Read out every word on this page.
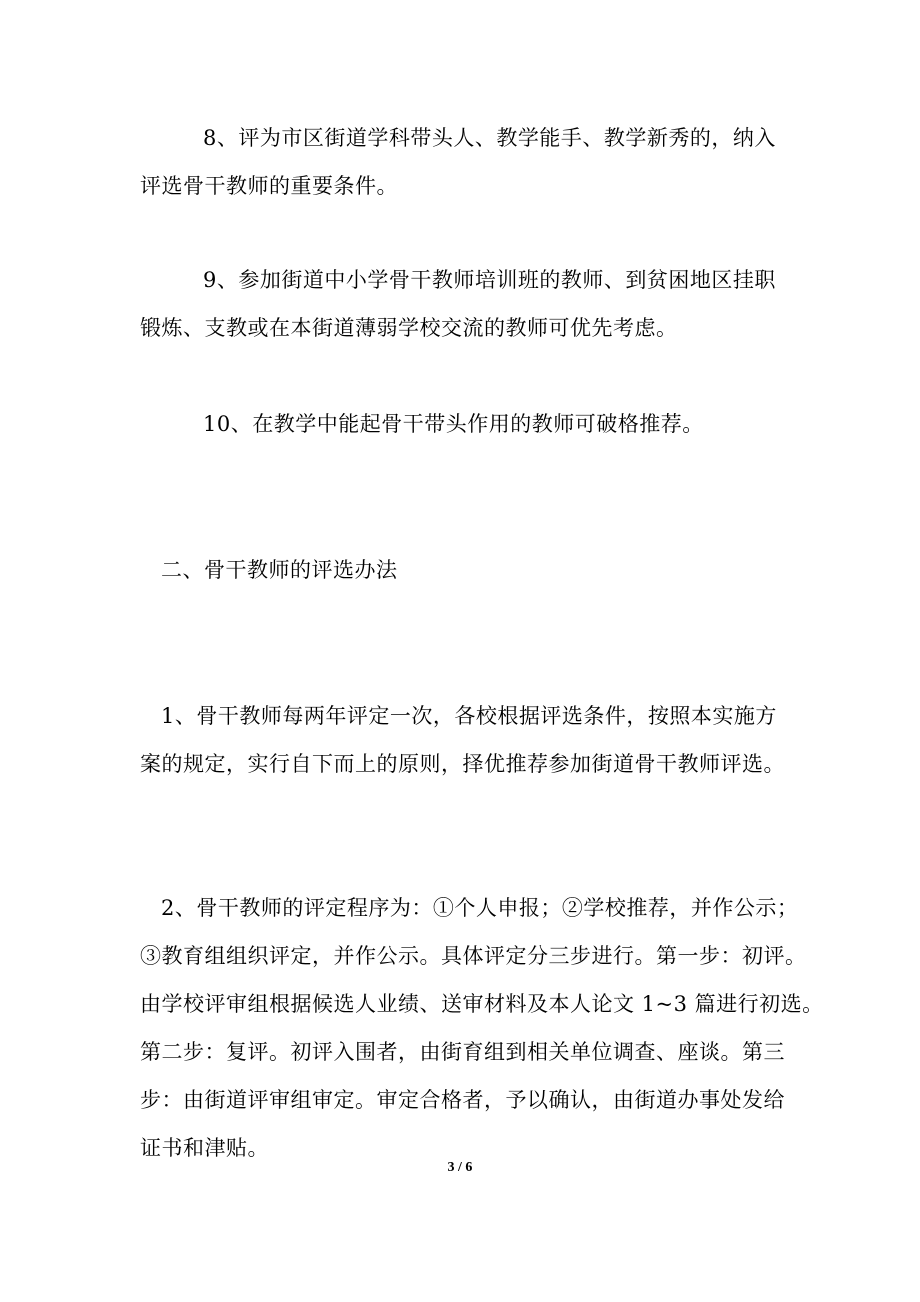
8、评为市区街道学科带头人、教学能手、教学新秀的，纳入
评选骨干教师的重要条件。

9、参加街道中小学骨干教师培训班的教师、到贫困地区挂职
锻炼、支教或在本街道薄弱学校交流的教师可优先考虑。

10、在教学中能起骨干带头作用的教师可破格推荐。

二、骨干教师的评选办法

1、骨干教师每两年评定一次，各校根据评选条件，按照本实施方
案的规定，实行自下而上的原则，择优推荐参加街道骨干教师评选。

2、骨干教师的评定程序为：①个人申报；②学校推荐，并作公示；
③教育组组织评定，并作公示。具体评定分三步进行。第一步：初评。
由学校评审组根据候选人业绩、送审材料及本人论文 1~3 篇进行初选。
第二步：复评。初评入围者，由街育组到相关单位调查、座谈。第三
步：由街道评审组审定。审定合格者，予以确认，由街道办事处发给
证书和津贴。

3 / 6
